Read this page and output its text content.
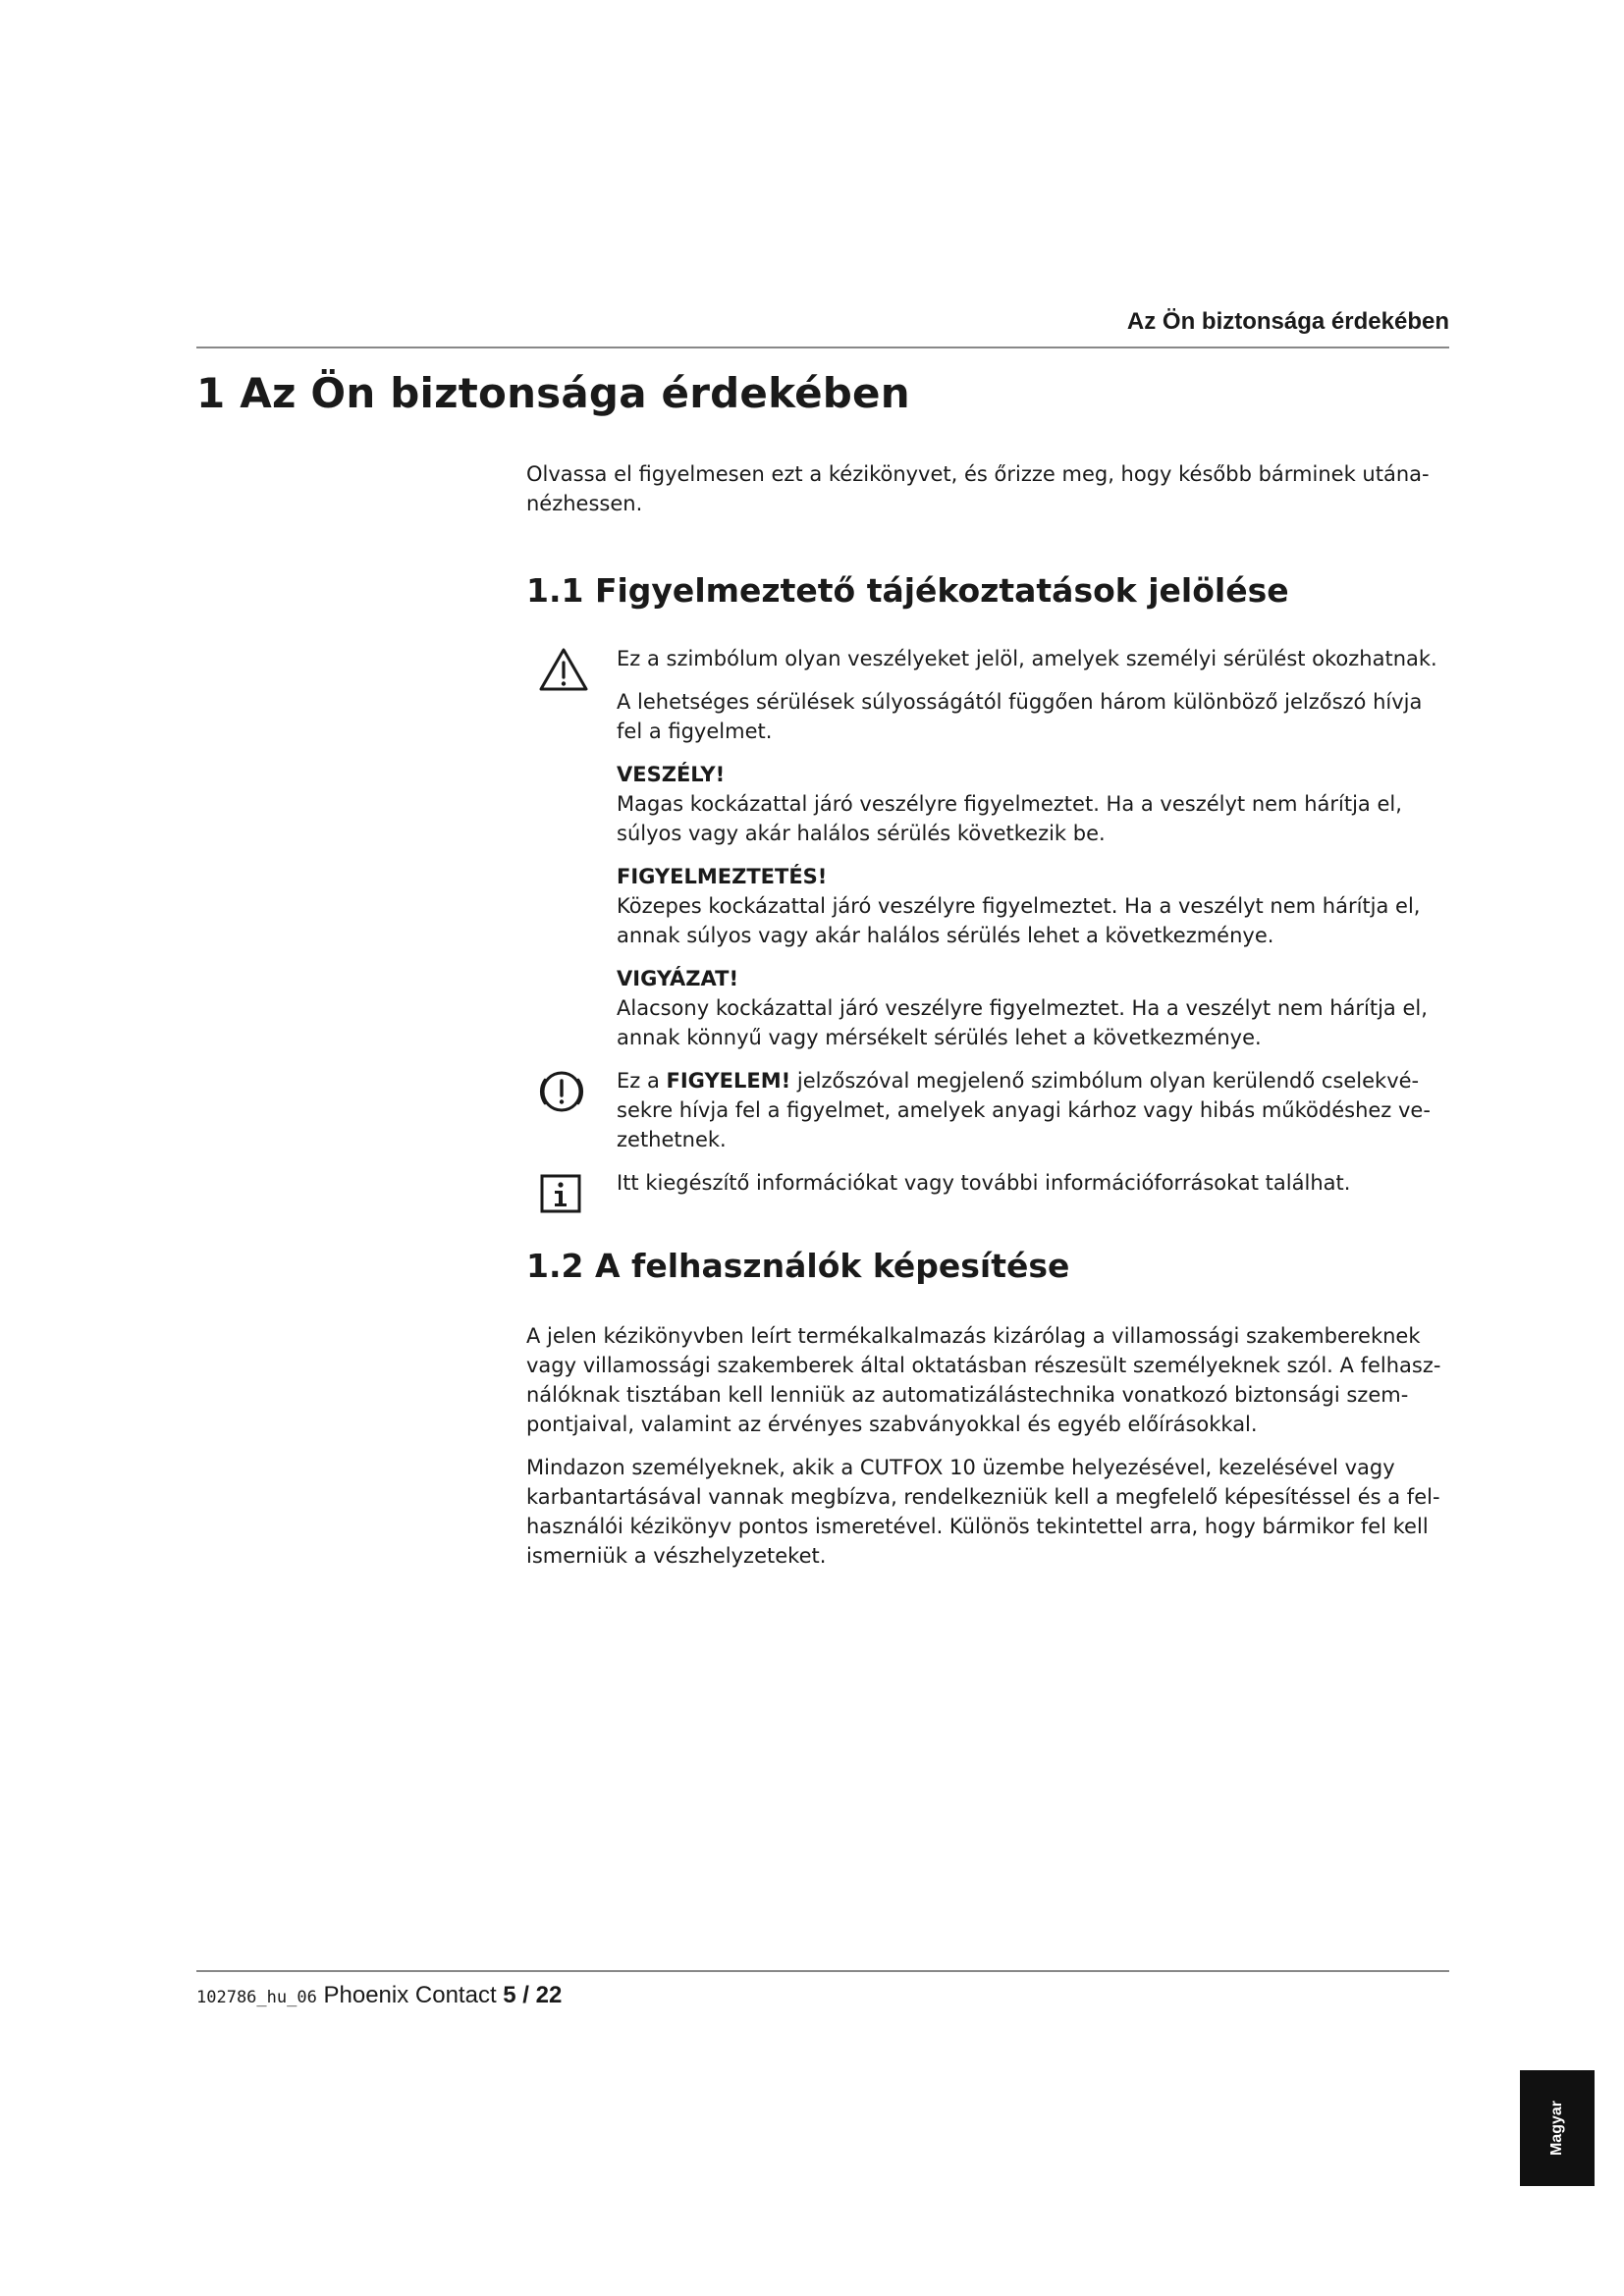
Az Ön biztonsága érdekében
1 Az Ön biztonsága érdekében

Olvassa el figyelmesen ezt a kézikönyvet, és őrizze meg, hogy később bárminek utána-nézhessen.

1.1 Figyelmeztető tájékoztatások jelölése

Ez a szimbólum olyan veszélyeket jelöl, amelyek személyi sérülést okozhatnak.

A lehetséges sérülések súlyosságától függően három különböző jelzőszó hívja fel a figyelmet.

VESZÉLY!

Magas kockázattal járó veszélyre figyelmeztet. Ha a veszélyt nem hárítja el, súlyos vagy akár halálos sérülés következik be.

FIGYELMEZTETÉS!

Közepes kockázattal járó veszélyre figyelmeztet. Ha a veszélyt nem hárítja el, annak súlyos vagy akár halálos sérülés lehet a következménye.

VIGYÁZAT!

Alacsony kockázattal járó veszélyre figyelmeztet. Ha a veszélyt nem hárítja el, annak könnyű vagy mérsékelt sérülés lehet a következménye.

Ez a FIGYELEM! jelzőszóval megjelenő szimbólum olyan kerülendő cselekvé-sekre hívja fel a figyelmet, amelyek anyagi kárhoz vagy hibás működéshez ve-zethetnek.

Itt kiegészítő információkat vagy további információforrásokat találhat.

1.2 A felhasználók képesítése

A jelen kézikönyvben leírt termékalkalmazás kizárólag a villamossági szakembereknek vagy villamossági szakemberek által oktatásban részesült személyeknek szól. A felhasz-nálóknak tisztában kell lenniük az automatizálástechnika vonatkozó biztonsági szem-pontjaival, valamint az érvényes szabványokkal és egyéb előírásokkal.

Mindazon személyeknek, akik a CUTFOX 10 üzembe helyezésével, kezelésével vagy karbantartásával vannak megbízva, rendelkezniük kell a megfelelő képesítéssel és a fel-használói kézikönyv pontos ismeretével. Különös tekintettel arra, hogy bármikor fel kell ismerniük a vészhelyzeteket.

102786_hu_06 Phoenix Contact 5 / 22
Magyar
